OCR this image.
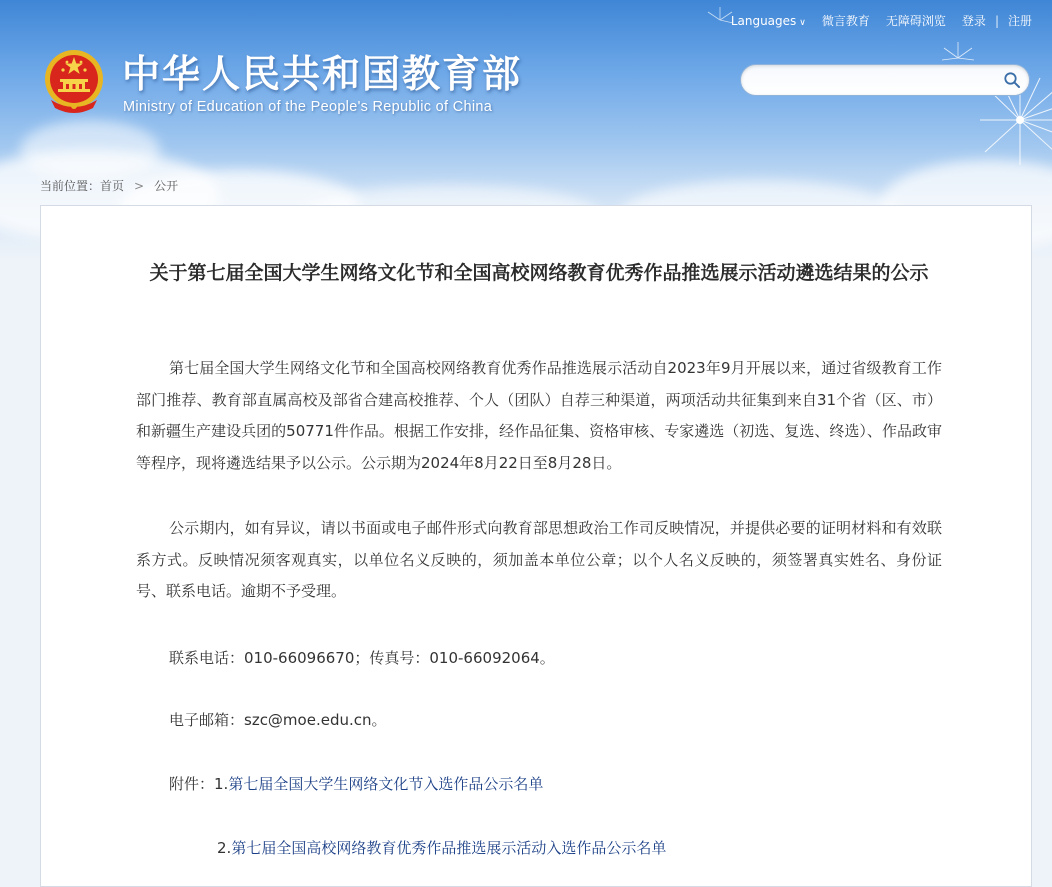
Languages ∨ 微言教育 无障碍浏览 登录 | 注册
中华人民共和国教育部
Ministry of Education of the People's Republic of China
当前位置： 首页 > 公开
关于第七届全国大学生网络文化节和全国高校网络教育优秀作品推选展示活动遴选结果的公示
第七届全国大学生网络文化节和全国高校网络教育优秀作品推选展示活动自2023年9月开展以来，通过省级教育工作部门推荐、教育部直属高校及部省合建高校推荐、个人（团队）自荐三种渠道，两项活动共征集到来自31个省（区、市）和新疆生产建设兵团的50771件作品。根据工作安排，经作品征集、资格审核、专家遴选（初选、复选、终选）、作品政审等程序，现将遴选结果予以公示。公示期为2024年8月22日至8月28日。
公示期内，如有异议，请以书面或电子邮件形式向教育部思想政治工作司反映情况，并提供必要的证明材料和有效联系方式。反映情况须客观真实，以单位名义反映的，须加盖本单位公章；以个人名义反映的，须签署真实姓名、身份证号、联系电话。逾期不予受理。
联系电话：010-66096670；传真号：010-66092064。
电子邮箱：szc@moe.edu.cn。
附件：1.第七届全国大学生网络文化节入选作品公示名单
2.第七届全国高校网络教育优秀作品推选展示活动入选作品公示名单
